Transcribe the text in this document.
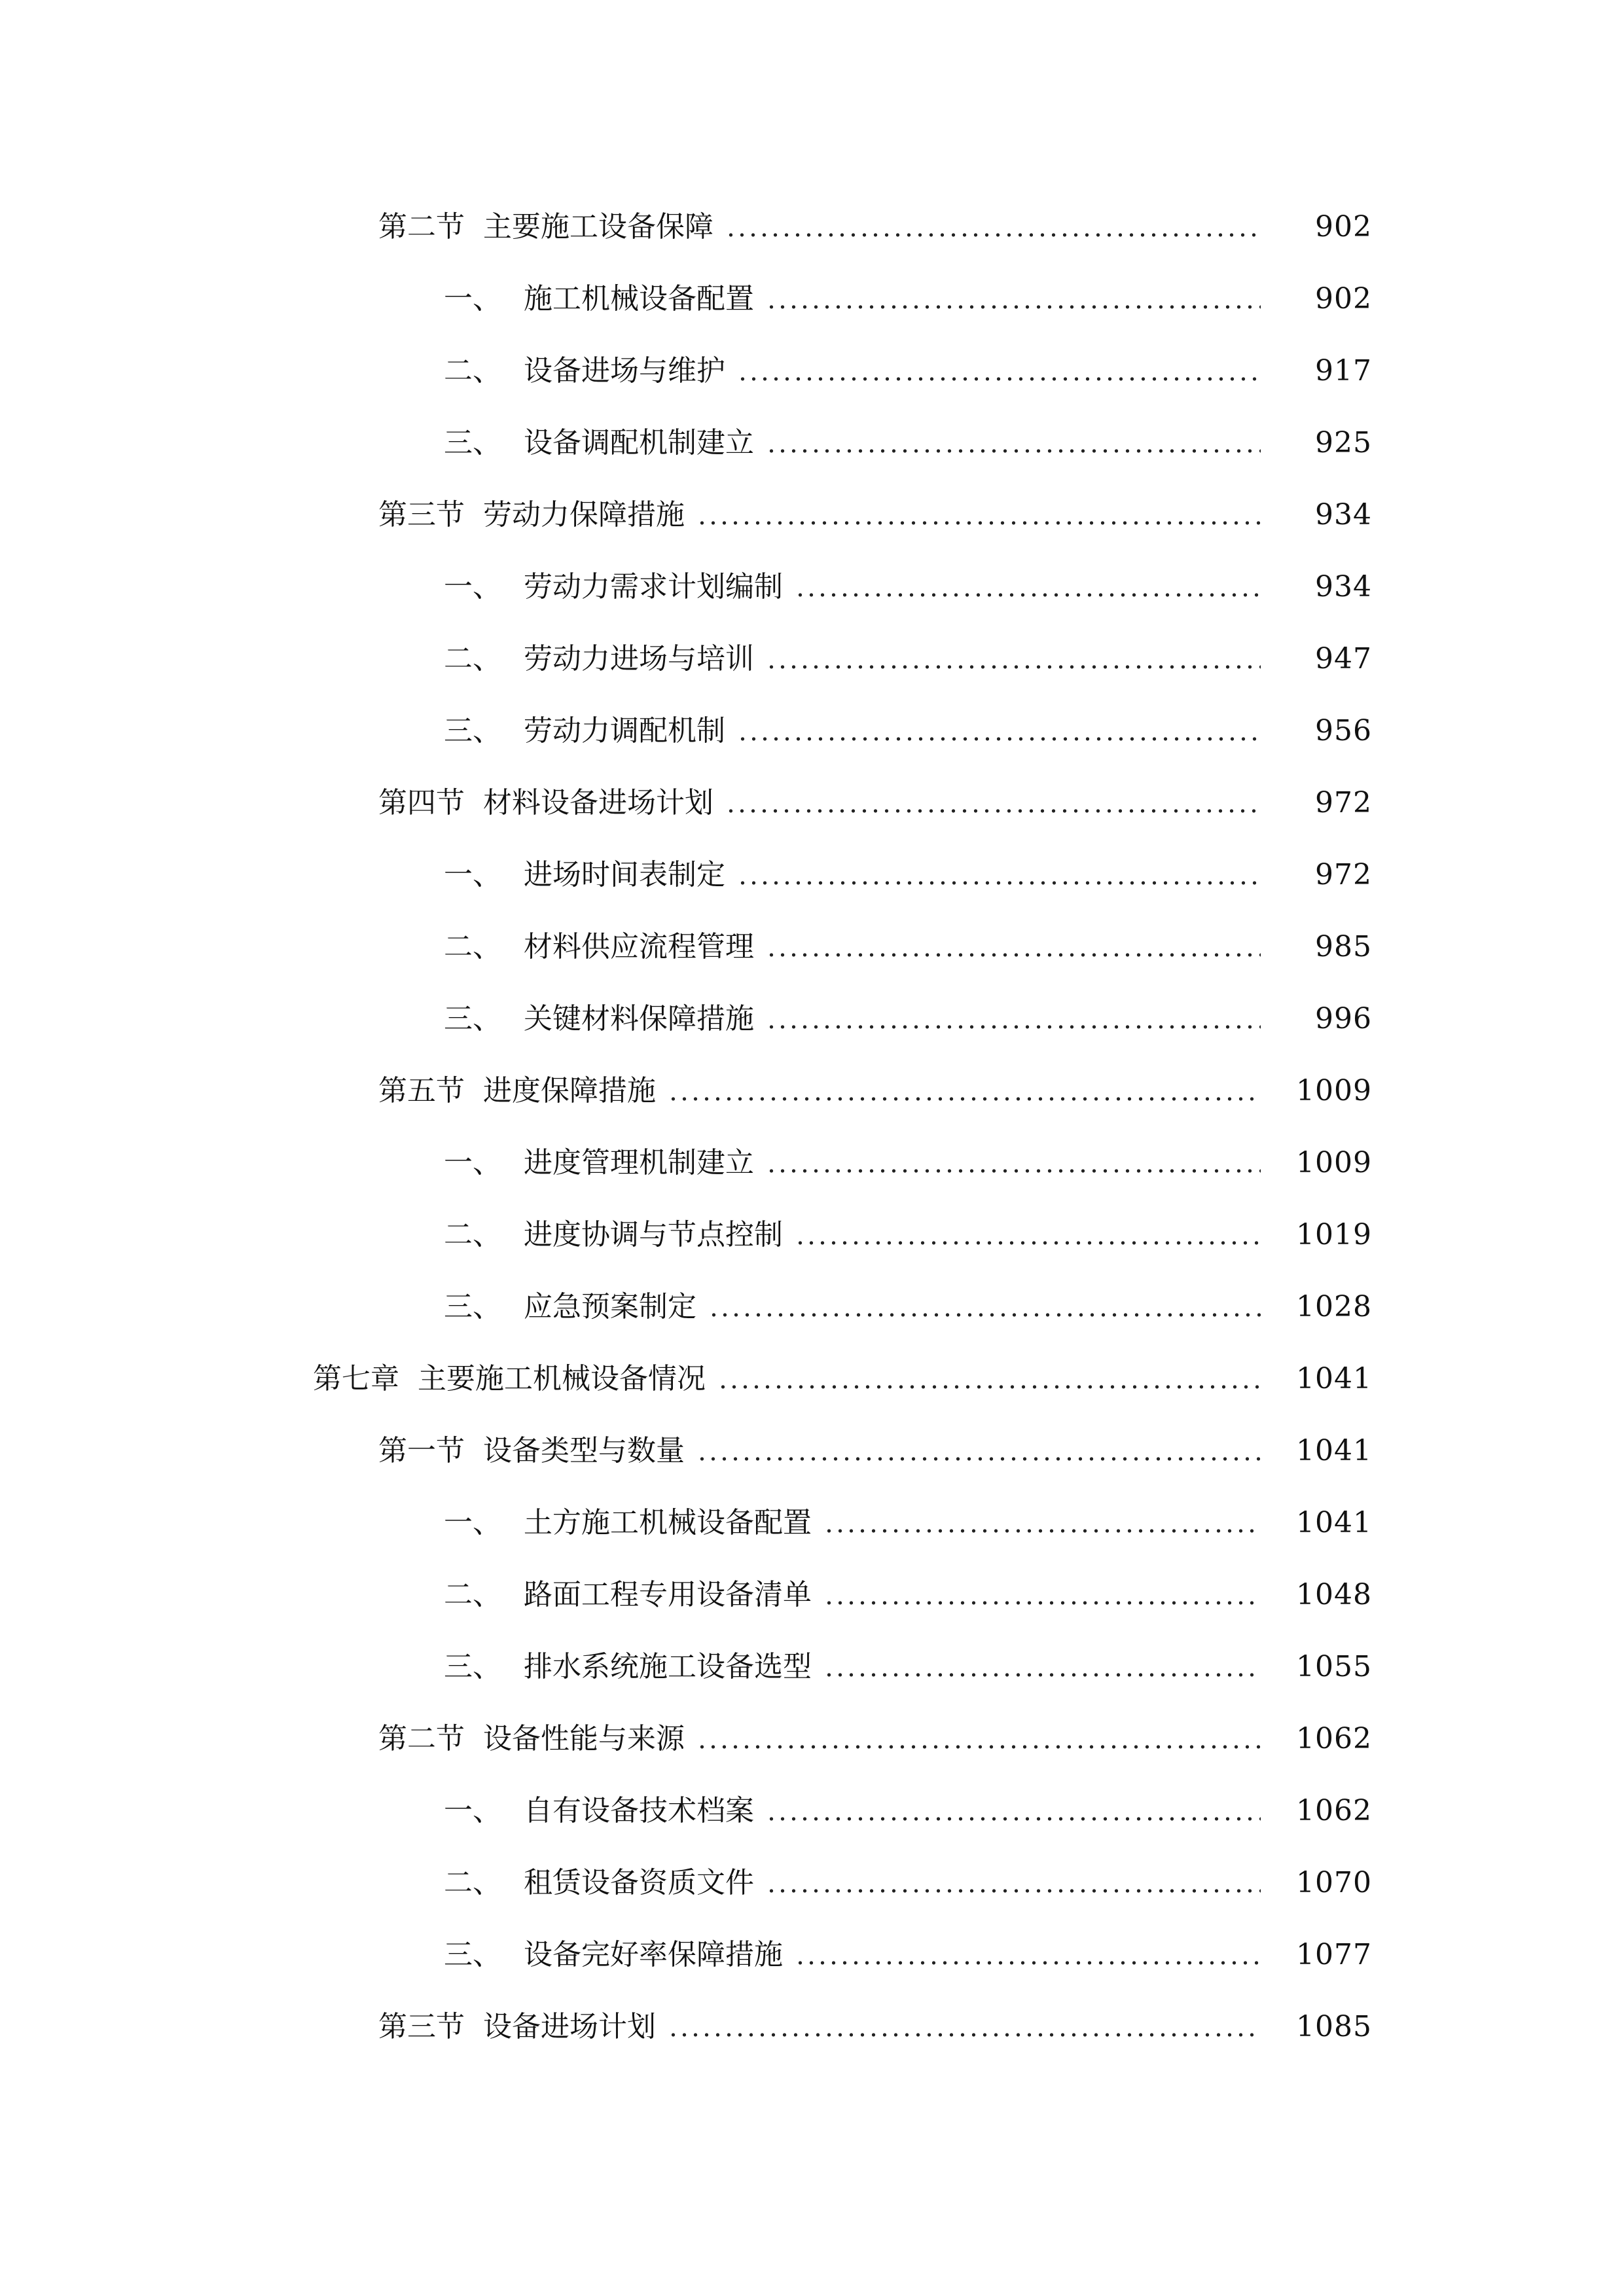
第二节 主要施工设备保障	902
一、 施工机械设备配置	902
二、 设备进场与维护	917
三、 设备调配机制建立	925
第三节 劳动力保障措施	934
一、 劳动力需求计划编制	934
二、 劳动力进场与培训	947
三、 劳动力调配机制	956
第四节 材料设备进场计划	972
一、 进场时间表制定	972
二、 材料供应流程管理	985
三、 关键材料保障措施	996
第五节 进度保障措施	1009
一、 进度管理机制建立	1009
二、 进度协调与节点控制	1019
三、 应急预案制定	1028
第七章 主要施工机械设备情况	1041
第一节 设备类型与数量	1041
一、 土方施工机械设备配置	1041
二、 路面工程专用设备清单	1048
三、 排水系统施工设备选型	1055
第二节 设备性能与来源	1062
一、 自有设备技术档案	1062
二、 租赁设备资质文件	1070
三、 设备完好率保障措施	1077
第三节 设备进场计划	1085
